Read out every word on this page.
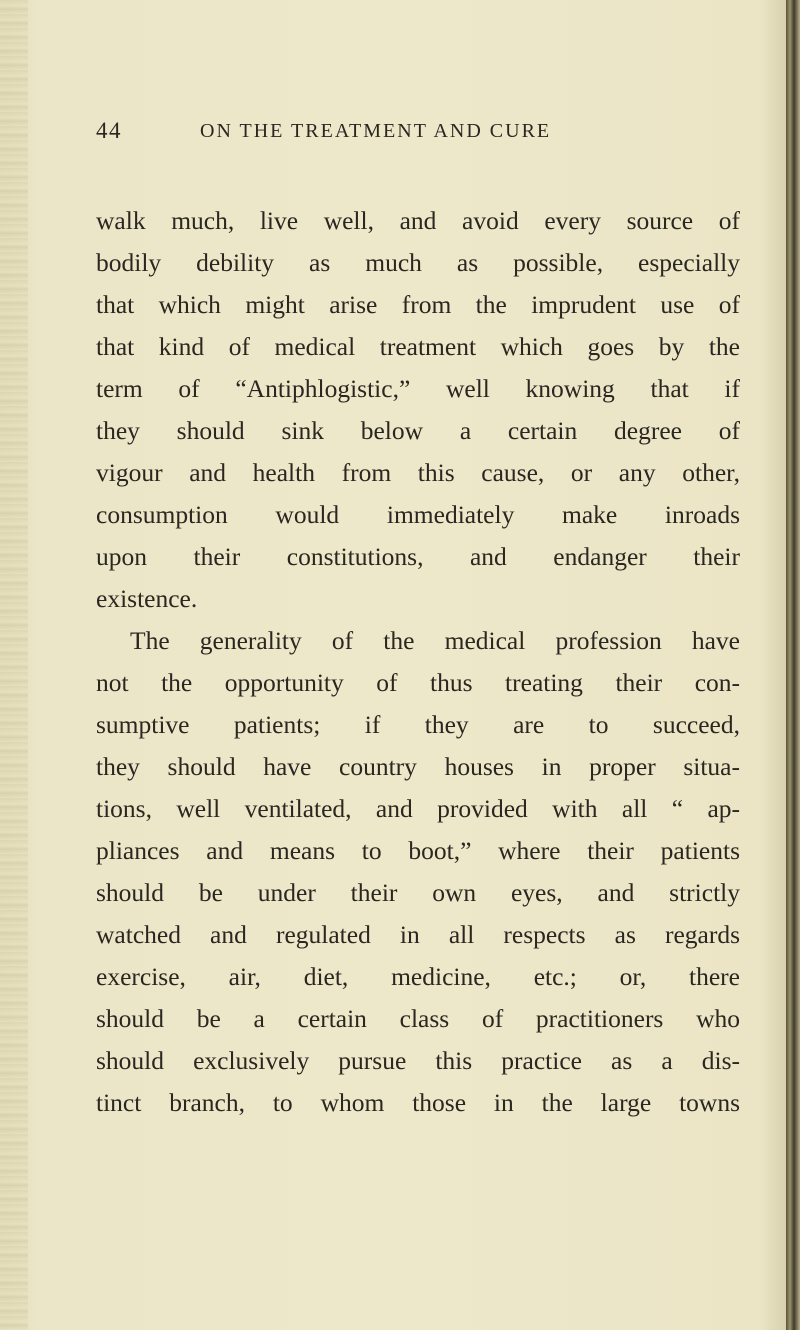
44	ON THE TREATMENT AND CURE
walk much, live well, and avoid every source of
bodily debility as much as possible, especially
that which might arise from the imprudent use of
that kind of medical treatment which goes by the
term of “Antiphlogistic,” well knowing that if
they should sink below a certain degree of
vigour and health from this cause, or any other,
consumption would immediately make inroads
upon their constitutions, and endanger their
existence.
The generality of the medical profession have
not the opportunity of thus treating their con-
sumptive patients; if they are to succeed,
they should have country houses in proper situa-
tions, well ventilated, and provided with all “ ap-
pliances and means to boot,” where their patients
should be under their own eyes, and strictly
watched and regulated in all respects as regards
exercise, air, diet, medicine, etc.; or, there
should be a certain class of practitioners who
should exclusively pursue this practice as a dis-
tinct branch, to whom those in the large towns
